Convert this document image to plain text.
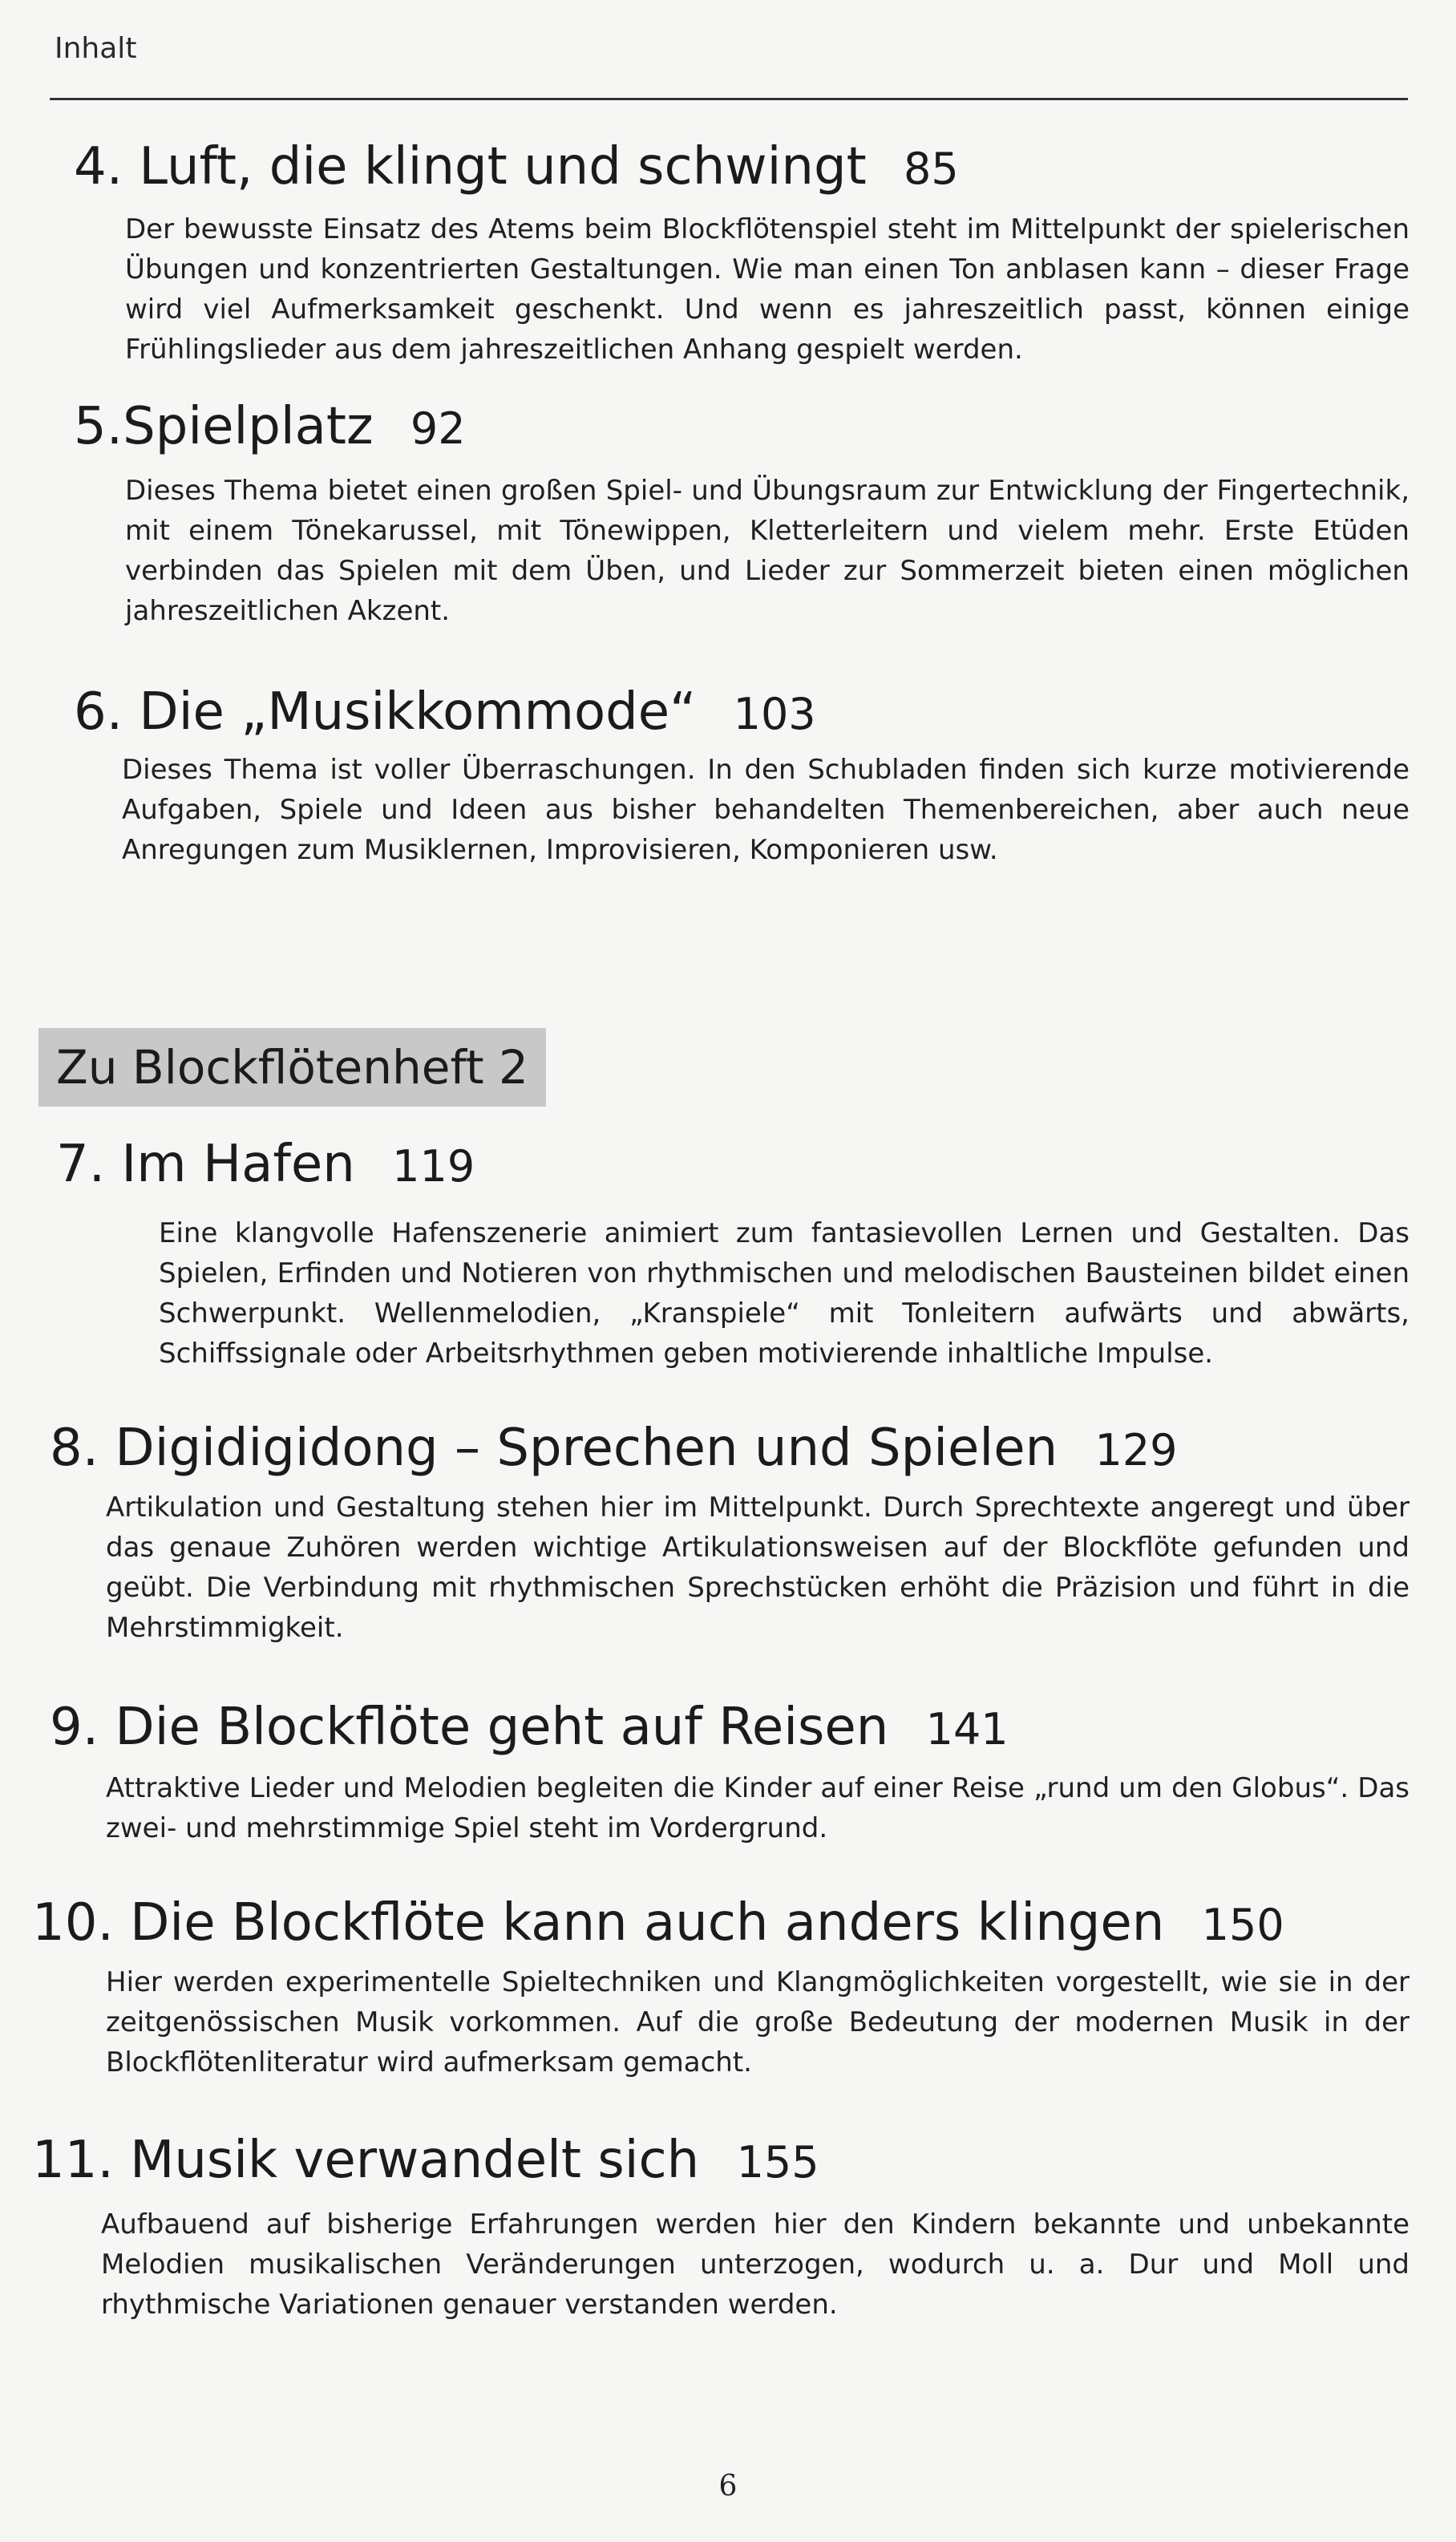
Inhalt
4. Luft, die klingt und schwingt 85
Der bewusste Einsatz des Atems beim Blockflötenspiel steht im Mittelpunkt der spielerischen Übungen und konzentrierten Gestaltungen. Wie man einen Ton anblasen kann – dieser Frage wird viel Aufmerksamkeit geschenkt. Und wenn es jahreszeitlich passt, können einige Frühlingslieder aus dem jahreszeitlichen Anhang gespielt werden.
5.Spielplatz 92
Dieses Thema bietet einen großen Spiel- und Übungsraum zur Entwicklung der Fingertechnik, mit einem Tönekarussel, mit Tönewippen, Kletterleitern und vielem mehr. Erste Etüden verbinden das Spielen mit dem Üben, und Lieder zur Sommerzeit bieten einen möglichen jahreszeitlichen Akzent.
6. Die „Musikkommode“ 103
Dieses Thema ist voller Überraschungen. In den Schubladen finden sich kurze motivierende Aufgaben, Spiele und Ideen aus bisher behandelten Themenbereichen, aber auch neue Anregungen zum Musiklernen, Improvisieren, Komponieren usw.
Zu Blockflötenheft 2
7. Im Hafen 119
Eine klangvolle Hafenszenerie animiert zum fantasievollen Lernen und Gestalten. Das Spielen, Erfinden und Notieren von rhythmischen und melodischen Bausteinen bildet einen Schwerpunkt. Wellenmelodien, „Kranspiele“ mit Tonleitern aufwärts und abwärts, Schiffssignale oder Arbeitsrhythmen geben motivierende inhaltliche Impulse.
8. Digidigidong – Sprechen und Spielen 129
Artikulation und Gestaltung stehen hier im Mittelpunkt. Durch Sprechtexte angeregt und über das genaue Zuhören werden wichtige Artikulationsweisen auf der Blockflöte gefunden und geübt. Die Verbindung mit rhythmischen Sprechstücken erhöht die Präzision und führt in die Mehrstimmigkeit.
9. Die Blockflöte geht auf Reisen 141
Attraktive Lieder und Melodien begleiten die Kinder auf einer Reise „rund um den Globus“. Das zwei- und mehrstimmige Spiel steht im Vordergrund.
10. Die Blockflöte kann auch anders klingen 150
Hier werden experimentelle Spieltechniken und Klangmöglichkeiten vorgestellt, wie sie in der zeitgenössischen Musik vorkommen. Auf die große Bedeutung der modernen Musik in der Blockflötenliteratur wird aufmerksam gemacht.
11. Musik verwandelt sich 155
Aufbauend auf bisherige Erfahrungen werden hier den Kindern bekannte und unbekannte Melodien musikalischen Veränderungen unterzogen, wodurch u. a. Dur und Moll und rhythmische Variationen genauer verstanden werden.
6
